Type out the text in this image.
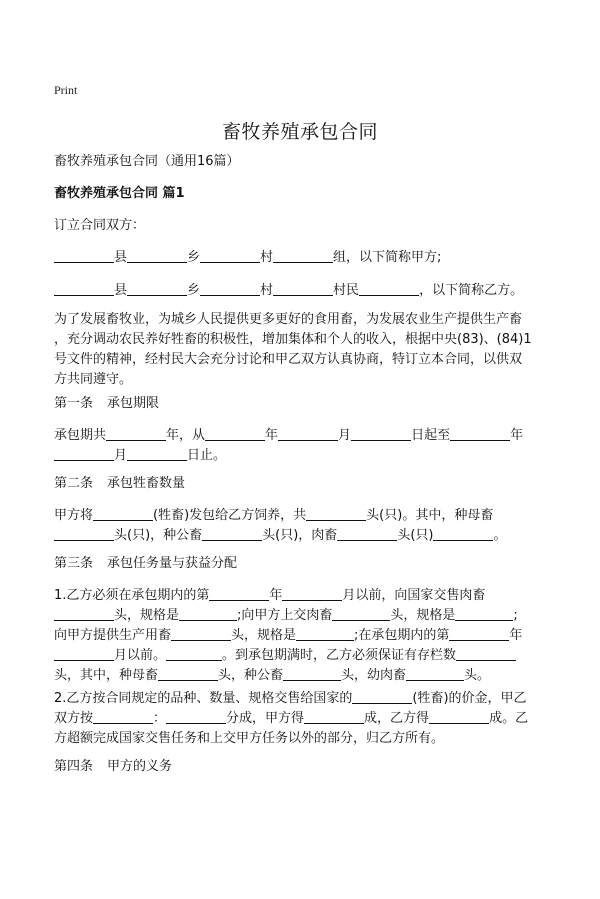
Print
畜牧养殖承包合同
畜牧养殖承包合同（通用16篇）
畜牧养殖承包合同 篇1
订立合同双方：
县	乡	村	组，以下简称甲方;
县	乡	村	村民	，以下简称乙方。
为了发展畜牧业，为城乡人民提供更多更好的食用畜，为发展农业生产提供生产畜
，充分调动农民养好牲畜的积极性，增加集体和个人的收入，根据中央(83)、(84)1
号文件的精神，经村民大会充分讨论和甲乙双方认真协商，特订立本合同，以供双
方共同遵守。
第一条 承包期限
承包期共	年，从	年	月	日起至	年
月	日止。
第二条 承包牲畜数量
甲方将	(牲畜)发包给乙方饲养，共	头(只)。其中，种母畜
头(只)，种公畜	头(只)，肉畜	头(只)	。
第三条 承包任务量与获益分配
1.乙方必须在承包期内的第	年	月以前，向国家交售肉畜
头，规格是	;向甲方上交肉畜	头，规格是	;
向甲方提供生产用畜	头，规格是	;在承包期内的第	年
月以前。	。到承包期满时，乙方必须保证有存栏数
头，其中，种母畜	头，种公畜	头，幼肉畜	头。
2.乙方按合同规定的品种、数量、规格交售给国家的	(牲畜)的价金，甲乙
双方按	：	分成，甲方得	成，乙方得	成。乙
方超额完成国家交售任务和上交甲方任务以外的部分，归乙方所有。
第四条 甲方的义务
